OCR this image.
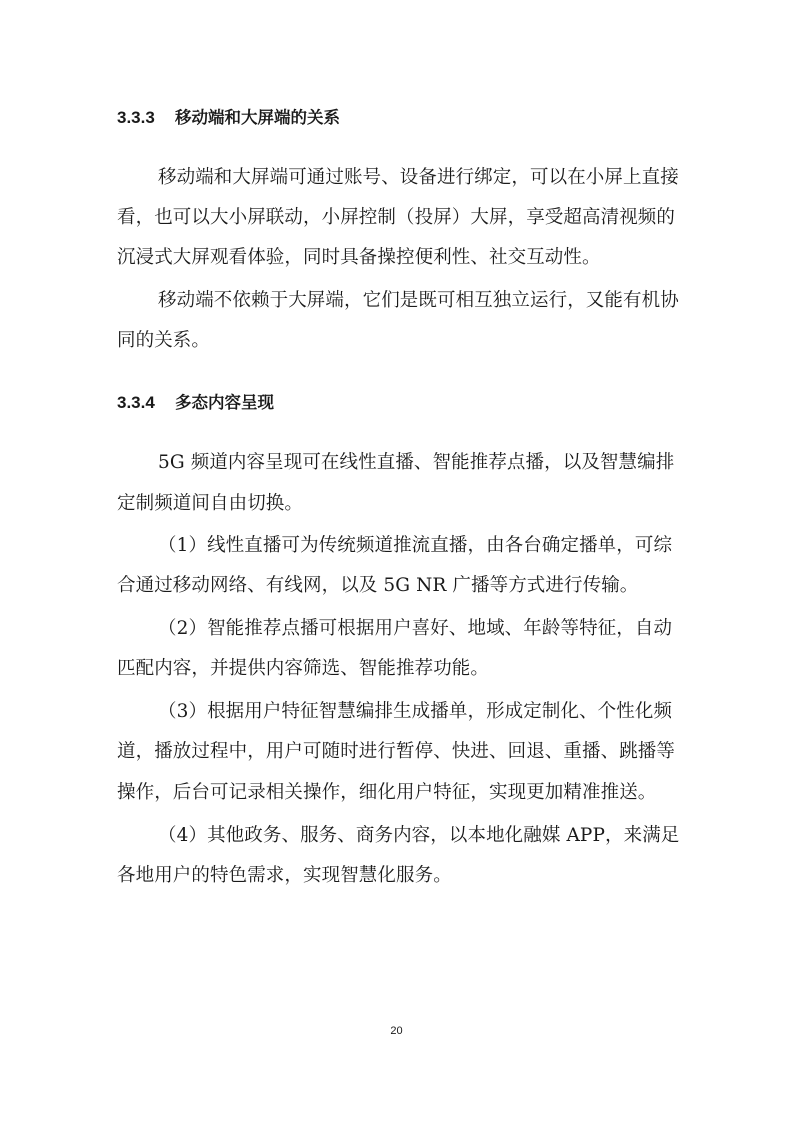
3.3.3 移动端和大屏端的关系
移动端和大屏端可通过账号、设备进行绑定，可以在小屏上直接
看，也可以大小屏联动，小屏控制（投屏）大屏，享受超高清视频的
沉浸式大屏观看体验，同时具备操控便利性、社交互动性。
移动端不依赖于大屏端，它们是既可相互独立运行，又能有机协
同的关系。
3.3.4 多态内容呈现
5G 频道内容呈现可在线性直播、智能推荐点播，以及智慧编排
定制频道间自由切换。
（1）线性直播可为传统频道推流直播，由各台确定播单，可综
合通过移动网络、有线网，以及 5G NR 广播等方式进行传输。
（2）智能推荐点播可根据用户喜好、地域、年龄等特征，自动
匹配内容，并提供内容筛选、智能推荐功能。
（3）根据用户特征智慧编排生成播单，形成定制化、个性化频
道，播放过程中，用户可随时进行暂停、快进、回退、重播、跳播等
操作，后台可记录相关操作，细化用户特征，实现更加精准推送。
（4）其他政务、服务、商务内容，以本地化融媒 APP，来满足
各地用户的特色需求，实现智慧化服务。
20
